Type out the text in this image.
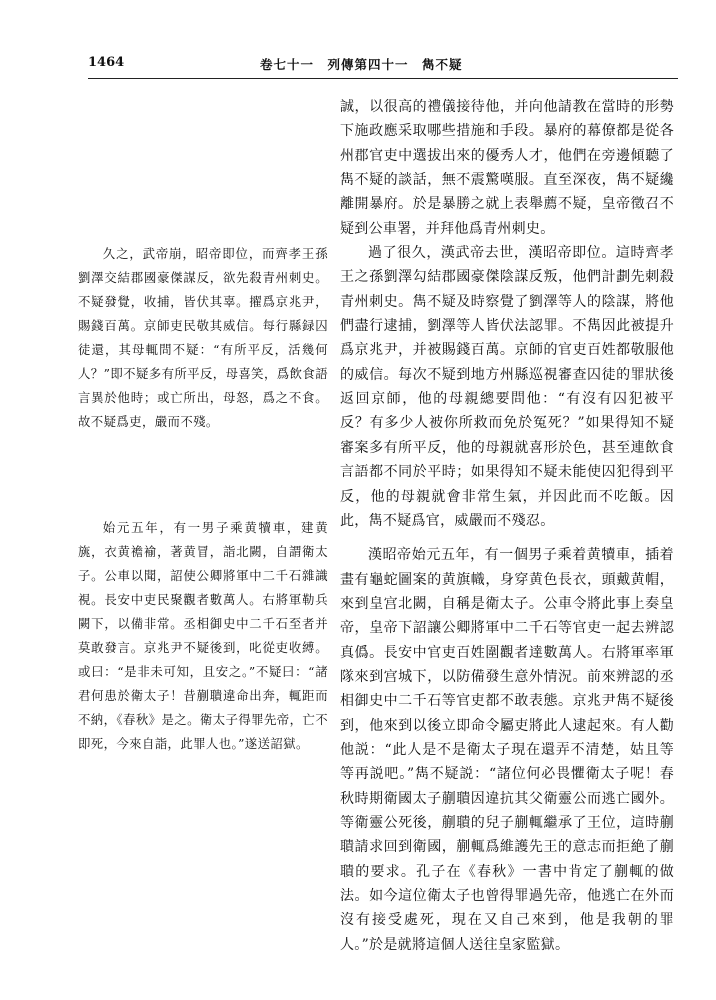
1464	卷七十一　列傳第四十一　雋不疑

久之，武帝崩，昭帝即位，而齊孝王孫劉澤交結郡國豪傑謀反，欲先殺青州刺史。不疑發覺，收捕，皆伏其辜。擢爲京兆尹，賜錢百萬。京師吏民敬其威信。每行縣録囚徒還，其母輒問不疑：“有所平反，活幾何人？”即不疑多有所平反，母喜笑，爲飲食語言異於他時；或亡所出，母怒，爲之不食。故不疑爲吏，嚴而不殘。

始元五年，有一男子乘黄犢車，建黄旐，衣黄襜褕，著黄冒，詣北闕，自謂衛太子。公車以聞，詔使公卿將軍中二千石雜識視。長安中吏民聚觀者數萬人。右將軍勒兵闕下，以備非常。丞相御史中二千石至者并莫敢發言。京兆尹不疑後到，叱從吏收縛。或曰：“是非未可知，且安之。”不疑曰：“諸君何患於衛太子！昔蒯聵違命出奔，輒距而不納，《春秋》是之。衛太子得罪先帝，亡不即死，今來自詣，此罪人也。”遂送詔獄。

誠，以很高的禮儀接待他，并向他請教在當時的形勢下施政應采取哪些措施和手段。暴府的幕僚都是從各州郡官吏中選拔出來的優秀人才，他們在旁邊傾聽了雋不疑的談話，無不震驚嘆服。直至深夜，雋不疑纔離開暴府。於是暴勝之就上表舉薦不疑，皇帝徵召不疑到公車署，并拜他爲青州刺史。

過了很久，漢武帝去世，漢昭帝即位。這時齊孝王之孫劉澤勾結郡國豪傑陰謀反叛，他們計劃先刺殺青州刺史。雋不疑及時察覺了劉澤等人的陰謀，將他們盡行逮捕，劉澤等人皆伏法認罪。不雋因此被提升爲京兆尹，并被賜錢百萬。京師的官吏百姓都敬服他的威信。每次不疑到地方州縣巡視審查囚徒的罪狀後返回京師，他的母親總要問他：“有沒有囚犯被平反？有多少人被你所救而免於冤死？”如果得知不疑審案多有所平反，他的母親就喜形於色，甚至連飲食言語都不同於平時；如果得知不疑未能使囚犯得到平反，他的母親就會非常生氣，并因此而不吃飯。因此，雋不疑爲官，威嚴而不殘忍。

漢昭帝始元五年，有一個男子乘着黄犢車，插着畫有龜蛇圖案的黄旗幟，身穿黄色長衣，頭戴黄帽，來到皇宫北闕，自稱是衛太子。公車令將此事上奏皇帝，皇帝下詔讓公卿將軍中二千石等官吏一起去辨認真僞。長安中官吏百姓圍觀者達數萬人。右將軍率軍隊來到宫城下，以防備發生意外情況。前來辨認的丞相御史中二千石等官吏都不敢表態。京兆尹雋不疑後到，他來到以後立即命令屬吏將此人逮起來。有人勸他説：“此人是不是衛太子現在還弄不清楚，姑且等等再説吧。”雋不疑説：“諸位何必畏懼衛太子呢！春秋時期衛國太子蒯聵因違抗其父衛靈公而逃亡國外。等衛靈公死後，蒯聵的兒子蒯輒繼承了王位，這時蒯聵請求回到衛國，蒯輒爲維護先王的意志而拒絶了蒯聵的要求。孔子在《春秋》一書中肯定了蒯輒的做法。如今這位衛太子也曾得罪過先帝，他逃亡在外而沒有接受處死，現在又自己來到，他是我朝的罪人。”於是就將這個人送往皇家監獄。
